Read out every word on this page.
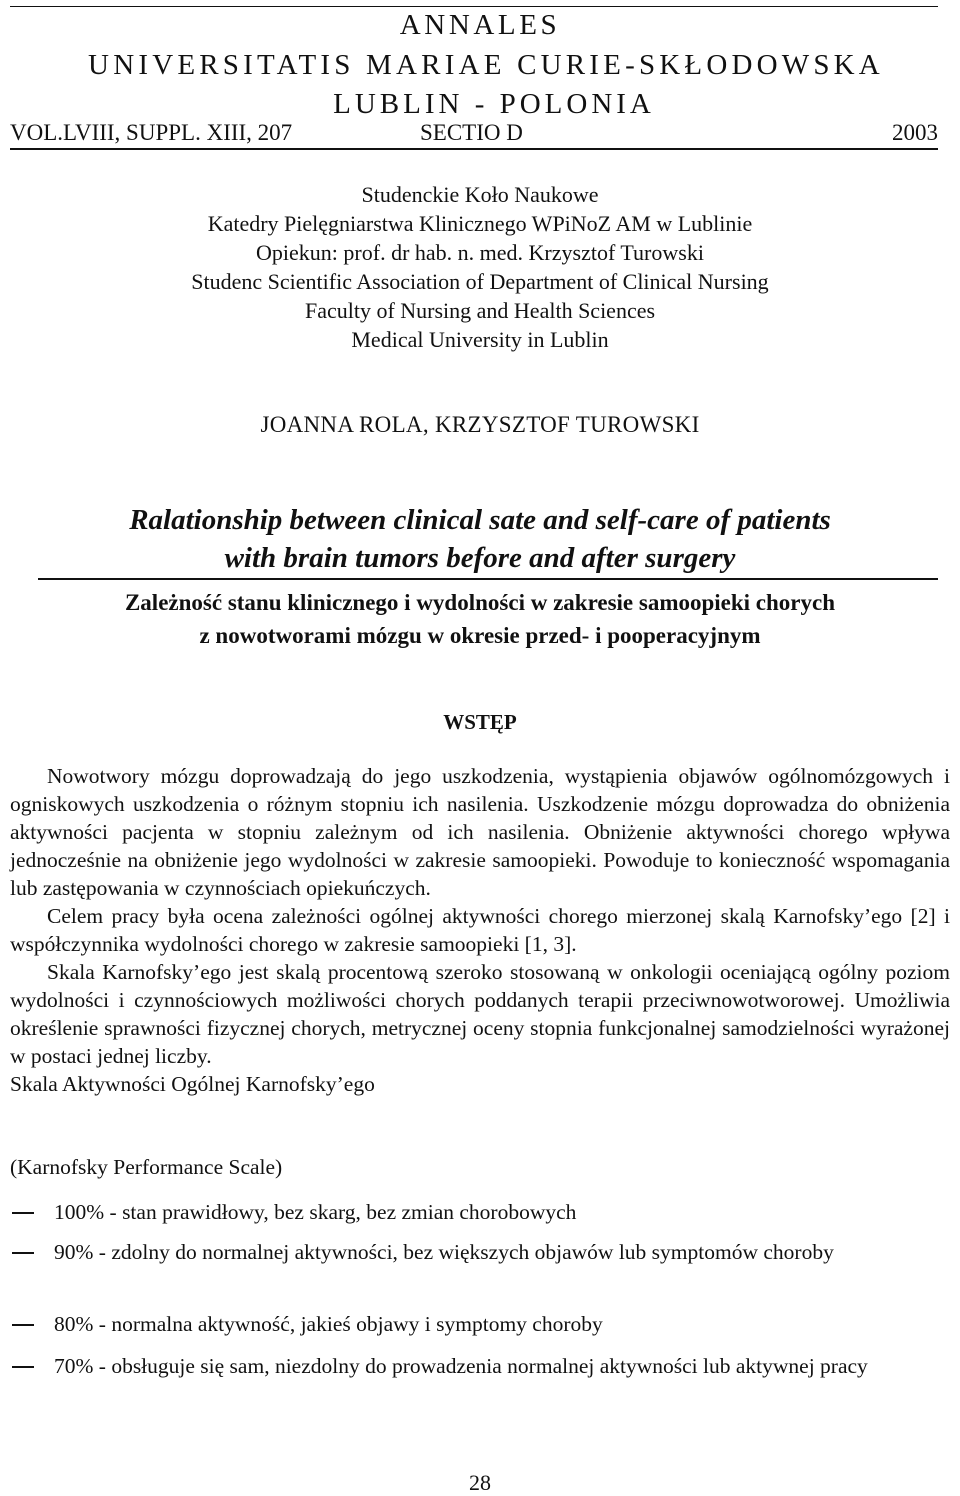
ANNALES
UNIVERSITATIS MARIAE CURIE-SKŁODOWSKA
LUBLIN - POLONIA
VOL.LVIII, SUPPL. XIII, 207	SECTIO D	2003
Studenckie Koło Naukowe
Katedry Pielęgniarstwa Klinicznego WPiNoZ AM w Lublinie
Opiekun: prof. dr hab. n. med. Krzysztof Turowski
Studenc Scientific Association of Department of Clinical Nursing
Faculty of Nursing and Health Sciences
Medical University in Lublin
JOANNA ROLA, KRZYSZTOF TUROWSKI
Ralationship between clinical sate and self-care of patients
with brain tumors before and after surgery
Zależność stanu klinicznego i wydolności w zakresie samoopieki chorych
z nowotworami mózgu w okresie przed- i pooperacyjnym
WSTĘP

Nowotwory mózgu doprowadzają do jego uszkodzenia, wystąpienia objawów ogólnomózgowych i ogniskowych uszkodzenia o różnym stopniu ich nasilenia. Uszkodzenie mózgu doprowadza do obniżenia aktywności pacjenta w stopniu zależnym od ich nasilenia. Obniżenie aktywności chorego wpływa jednocześnie na obniżenie jego wydolności w zakresie samoopieki. Powoduje to konieczność wspomagania lub zastępowania w czynnościach opiekuńczych.

Celem pracy była ocena zależności ogólnej aktywności chorego mierzonej skalą Karnofsky’ego [2] i współczynnika wydolności chorego w zakresie samoopieki [1, 3].

Skala Karnofsky’ego jest skalą procentową szeroko stosowaną w onkologii oceniającą ogólny poziom wydolności i czynnościowych możliwości chorych poddanych terapii przeciwnowotworowej. Umożliwia określenie sprawności fizycznej chorych, metrycznej oceny stopnia funkcjonalnej samodzielności wyrażonej w postaci jednej liczby.

Skala Aktywności Ogólnej Karnofsky’ego

(Karnofsky Performance Scale)
100% - stan prawidłowy, bez skarg, bez zmian chorobowych
90% - zdolny do normalnej aktywności, bez większych objawów lub symptomów choroby
80% - normalna aktywność, jakieś objawy i symptomy choroby
70% - obsługuje się sam, niezdolny do prowadzenia normalnej aktywności lub aktywnej pracy
28
